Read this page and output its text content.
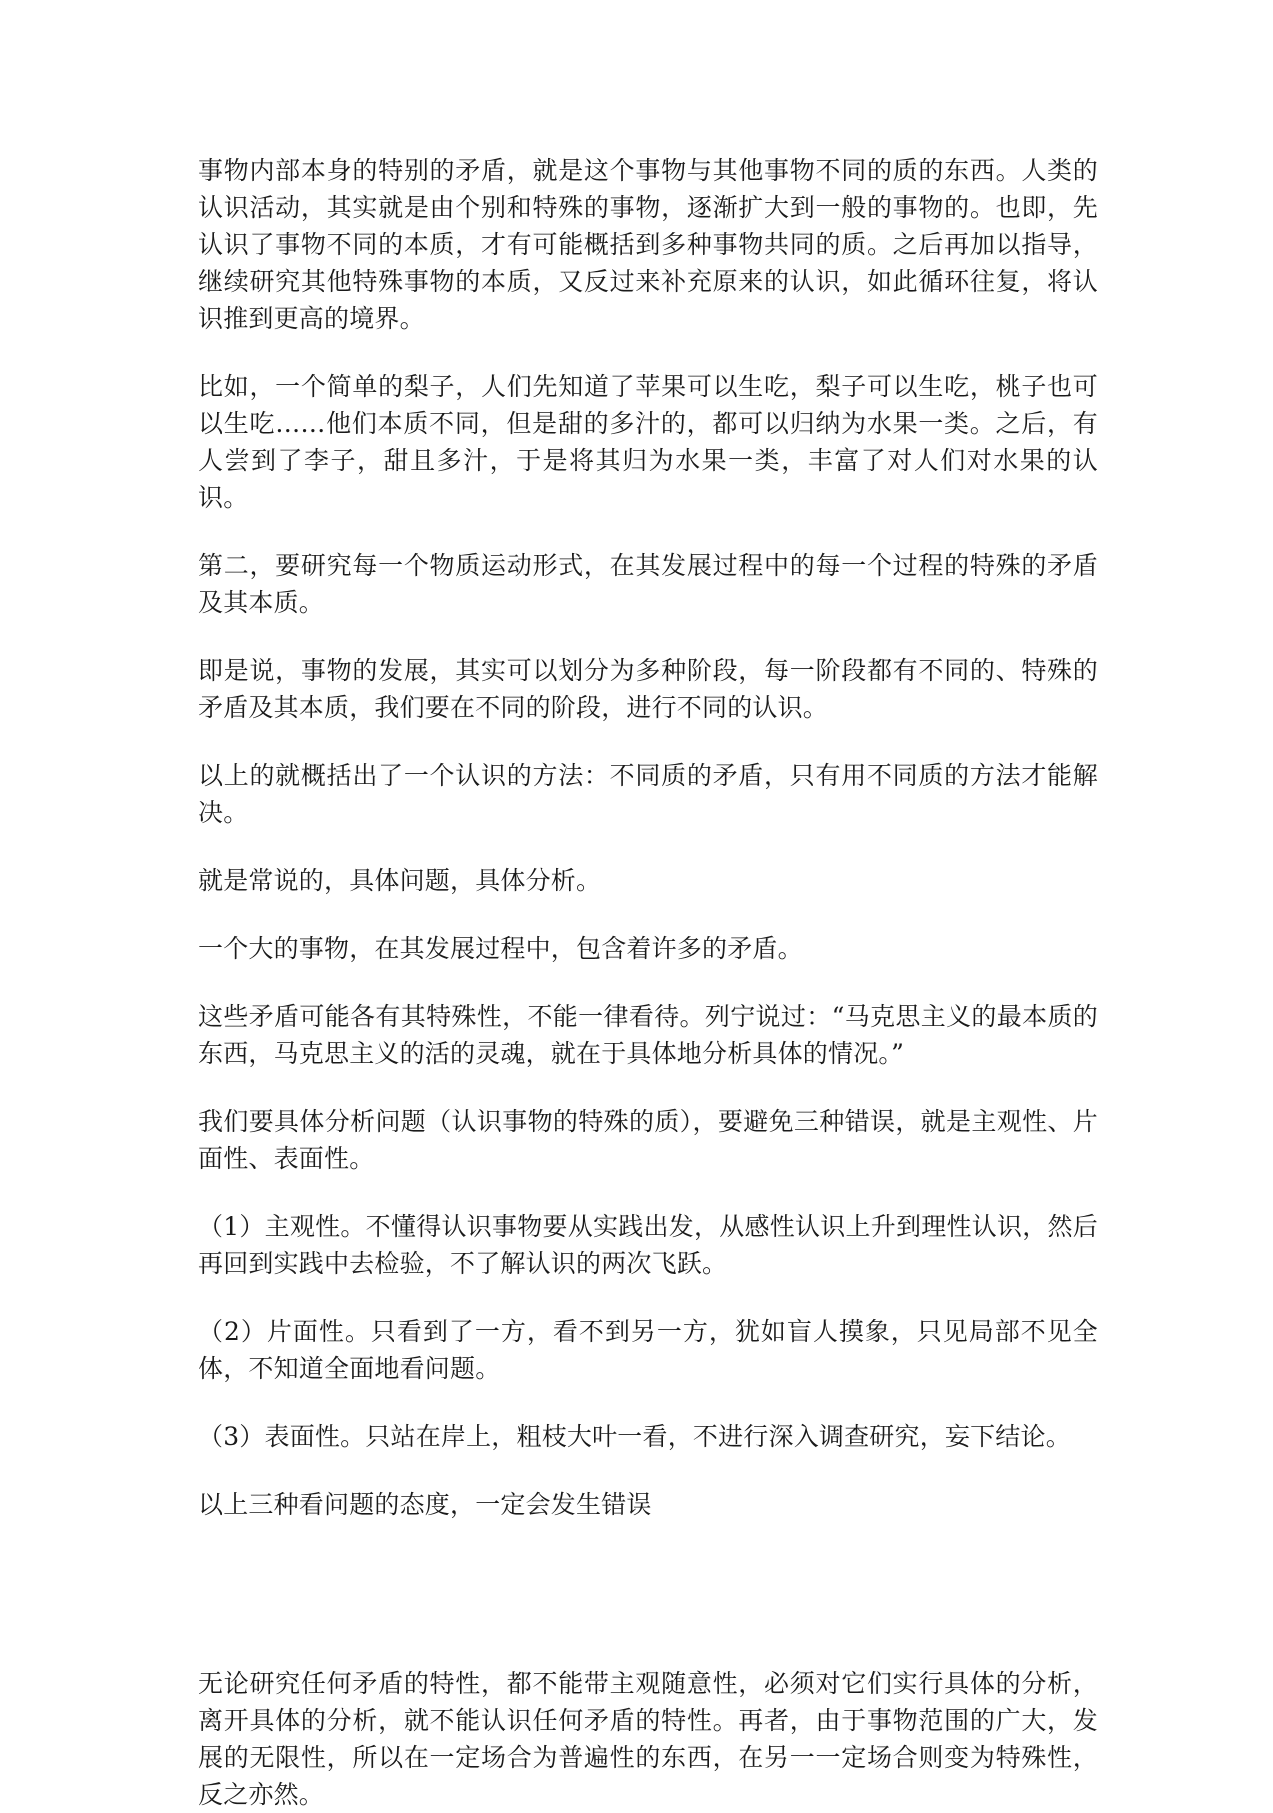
事物内部本身的特别的矛盾，就是这个事物与其他事物不同的质的东西。人类的认识活动，其实就是由个别和特殊的事物，逐渐扩大到一般的事物的。也即，先认识了事物不同的本质，才有可能概括到多种事物共同的质。之后再加以指导，继续研究其他特殊事物的本质，又反过来补充原来的认识，如此循环往复，将认识推到更高的境界。

比如，一个简单的梨子，人们先知道了苹果可以生吃，梨子可以生吃，桃子也可以生吃……他们本质不同，但是甜的多汁的，都可以归纳为水果一类。之后，有人尝到了李子，甜且多汁，于是将其归为水果一类，丰富了对人们对水果的认识。

第二，要研究每一个物质运动形式，在其发展过程中的每一个过程的特殊的矛盾及其本质。

即是说，事物的发展，其实可以划分为多种阶段，每一阶段都有不同的、特殊的矛盾及其本质，我们要在不同的阶段，进行不同的认识。

以上的就概括出了一个认识的方法：不同质的矛盾，只有用不同质的方法才能解决。

就是常说的，具体问题，具体分析。

一个大的事物，在其发展过程中，包含着许多的矛盾。

这些矛盾可能各有其特殊性，不能一律看待。列宁说过：“马克思主义的最本质的东西，马克思主义的活的灵魂，就在于具体地分析具体的情况。”

我们要具体分析问题（认识事物的特殊的质），要避免三种错误，就是主观性、片面性、表面性。

（1）主观性。不懂得认识事物要从实践出发，从感性认识上升到理性认识，然后再回到实践中去检验，不了解认识的两次飞跃。

（2）片面性。只看到了一方，看不到另一方，犹如盲人摸象，只见局部不见全体，不知道全面地看问题。

（3）表面性。只站在岸上，粗枝大叶一看，不进行深入调查研究，妄下结论。

以上三种看问题的态度，一定会发生错误

无论研究任何矛盾的特性，都不能带主观随意性，必须对它们实行具体的分析，离开具体的分析，就不能认识任何矛盾的特性。再者，由于事物范围的广大，发展的无限性，所以在一定场合为普遍性的东西，在另一一定场合则变为特殊性，反之亦然。
